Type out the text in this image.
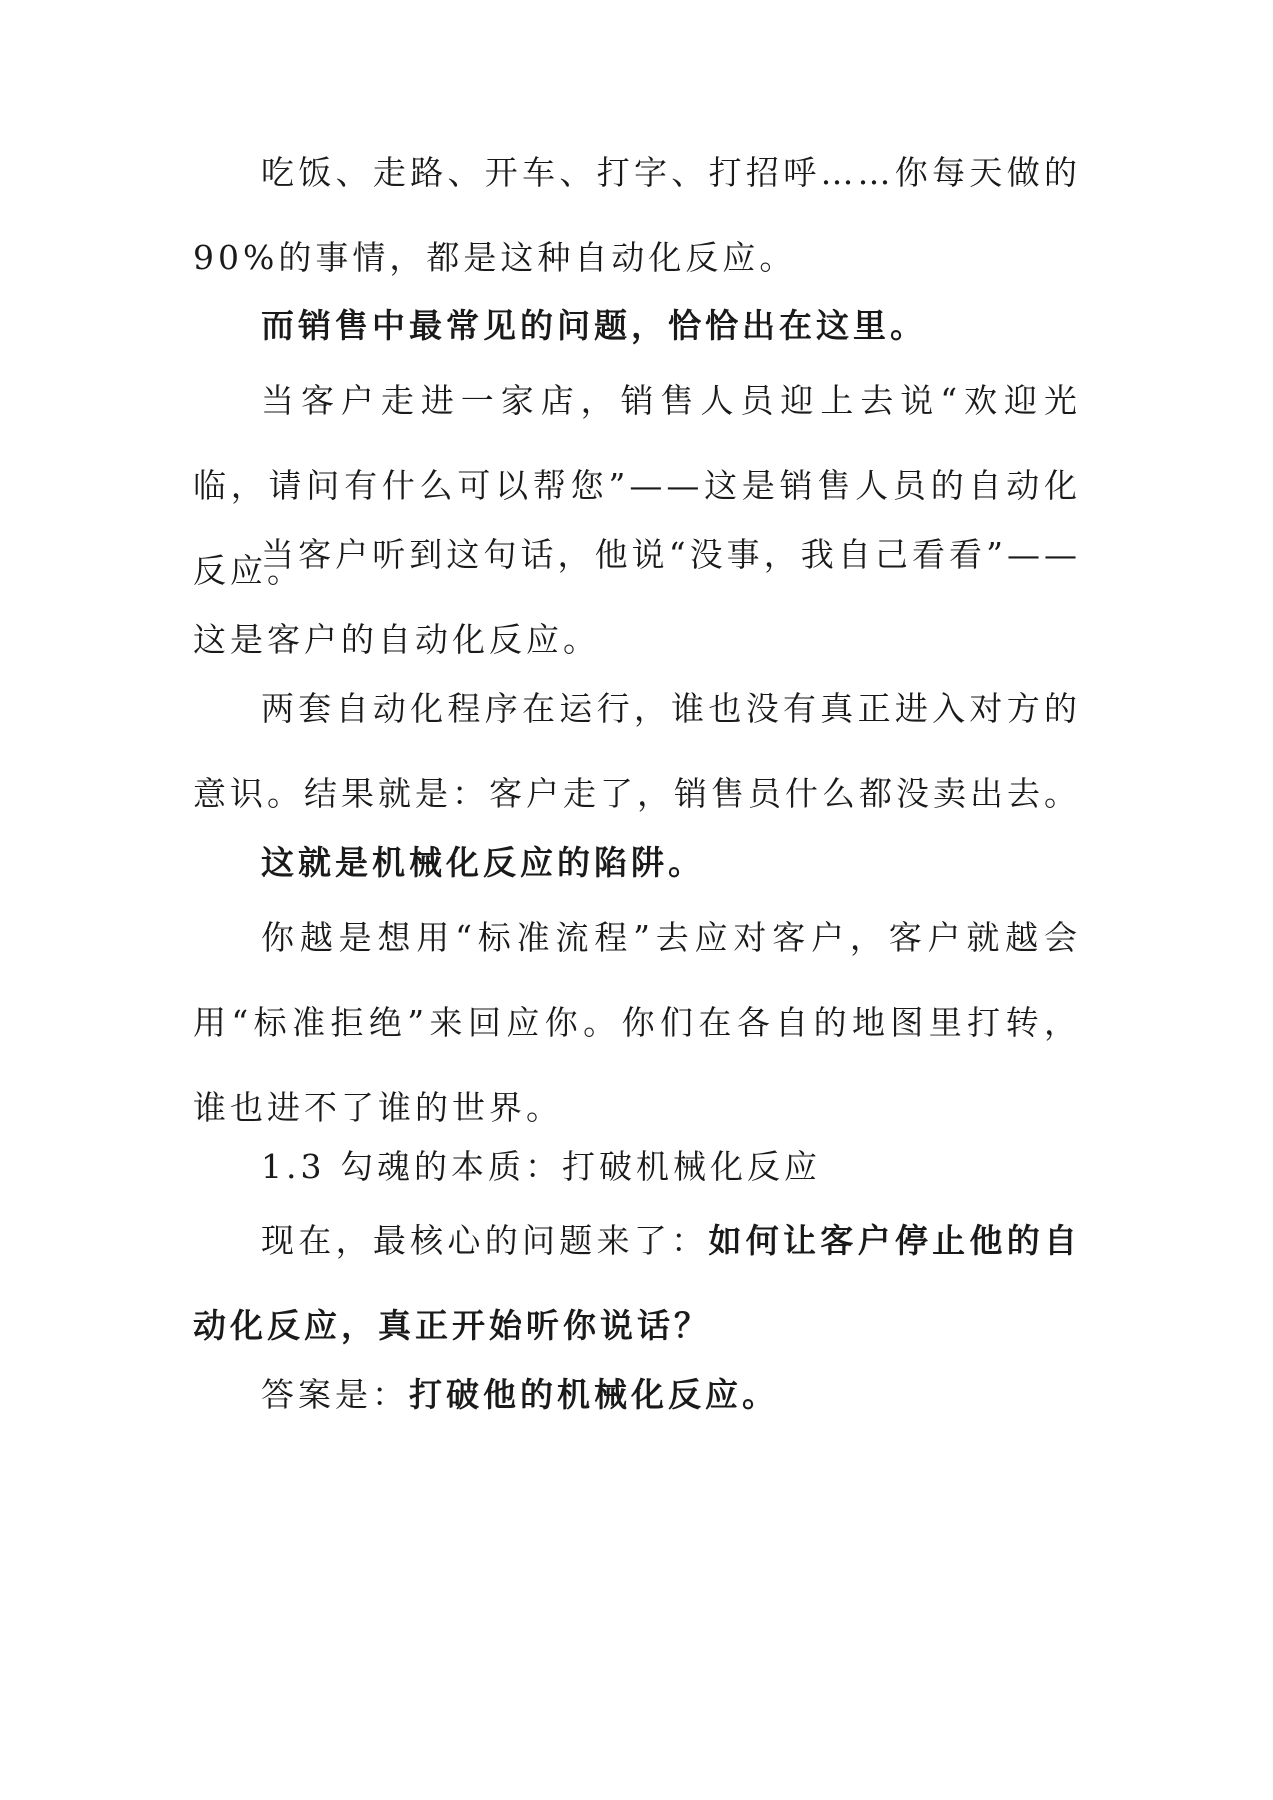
吃饭、走路、开车、打字、打招呼……你每天做的 90%的事情，都是这种自动化反应。

而销售中最常见的问题，恰恰出在这里。

当客户走进一家店，销售人员迎上去说“欢迎光临，请问有什么可以帮您”——这是销售人员的自动化反应。

当客户听到这句话，他说“没事，我自己看看”——这是客户的自动化反应。

两套自动化程序在运行，谁也没有真正进入对方的意识。结果就是：客户走了，销售员什么都没卖出去。

这就是机械化反应的陷阱。

你越是想用“标准流程”去应对客户，客户就越会用“标准拒绝”来回应你。你们在各自的地图里打转，谁也进不了谁的世界。

1.3 勾魂的本质：打破机械化反应

现在，最核心的问题来了：如何让客户停止他的自动化反应，真正开始听你说话？

答案是：打破他的机械化反应。
